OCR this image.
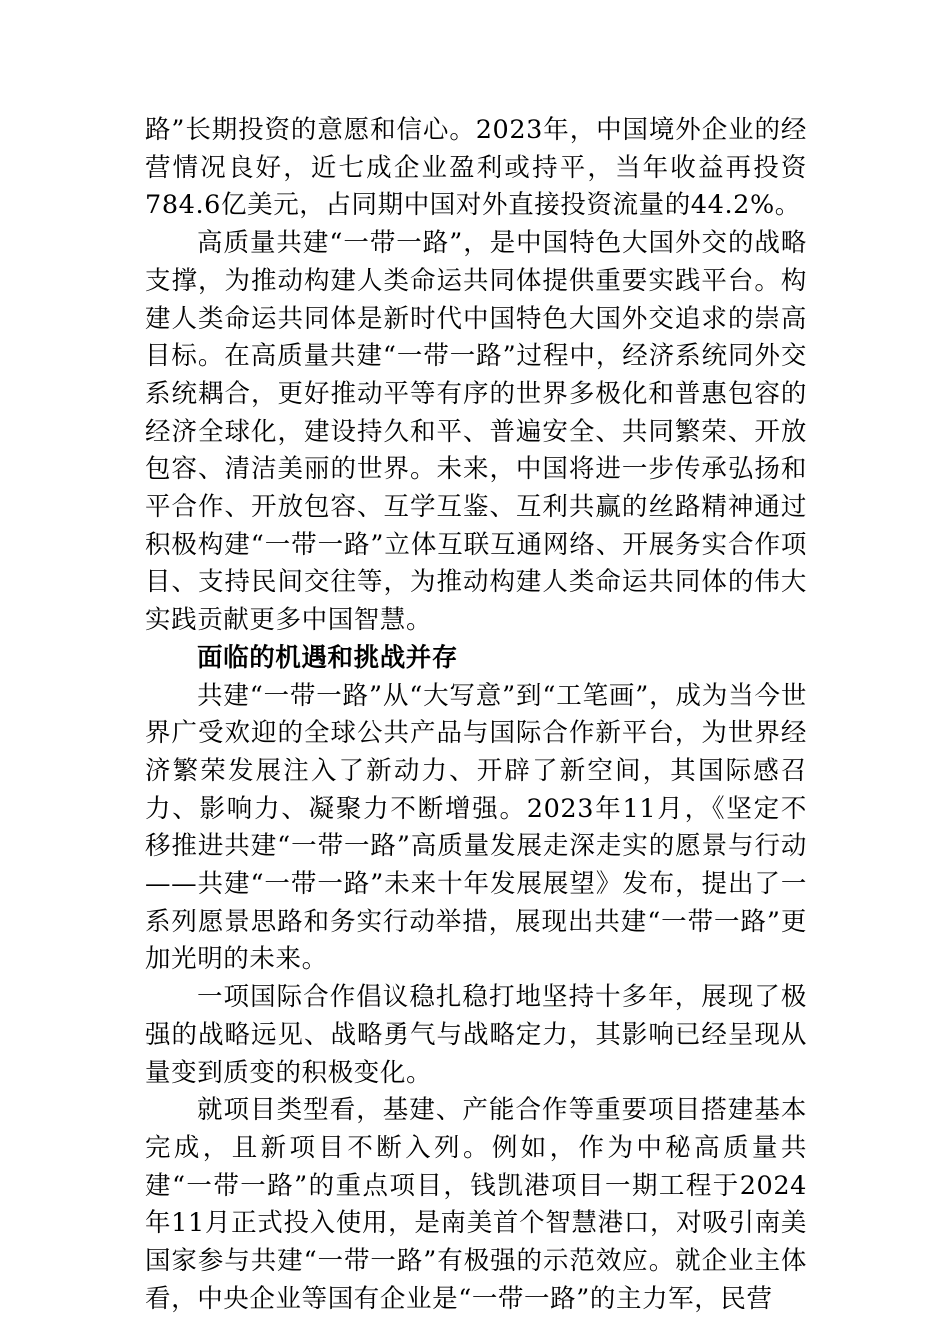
路”长期投资的意愿和信心。2023年，中国境外企业的经营情况良好，近七成企业盈利或持平，当年收益再投资784.6亿美元，占同期中国对外直接投资流量的44.2%。

高质量共建“一带一路”，是中国特色大国外交的战略支撑，为推动构建人类命运共同体提供重要实践平台。构建人类命运共同体是新时代中国特色大国外交追求的崇高目标。在高质量共建“一带一路”过程中，经济系统同外交系统耦合，更好推动平等有序的世界多极化和普惠包容的经济全球化，建设持久和平、普遍安全、共同繁荣、开放包容、清洁美丽的世界。未来，中国将进一步传承弘扬和平合作、开放包容、互学互鉴、互利共赢的丝路精神通过积极构建“一带一路”立体互联互通网络、开展务实合作项目、支持民间交往等，为推动构建人类命运共同体的伟大实践贡献更多中国智慧。

面临的机遇和挑战并存

共建“一带一路”从“大写意”到“工笔画”，成为当今世界广受欢迎的全球公共产品与国际合作新平台，为世界经济繁荣发展注入了新动力、开辟了新空间，其国际感召力、影响力、凝聚力不断增强。2023年11月，《坚定不移推进共建“一带一路”高质量发展走深走实的愿景与行动——共建“一带一路”未来十年发展展望》发布，提出了一系列愿景思路和务实行动举措，展现出共建“一带一路”更加光明的未来。

一项国际合作倡议稳扎稳打地坚持十多年，展现了极强的战略远见、战略勇气与战略定力，其影响已经呈现从量变到质变的积极变化。

就项目类型看，基建、产能合作等重要项目搭建基本完成，且新项目不断入列。例如，作为中秘高质量共建“一带一路”的重点项目，钱凯港项目一期工程于2024年11月正式投入使用，是南美首个智慧港口，对吸引南美国家参与共建“一带一路”有极强的示范效应。就企业主体看，中央企业等国有企业是“一带一路”的主力军，民营
